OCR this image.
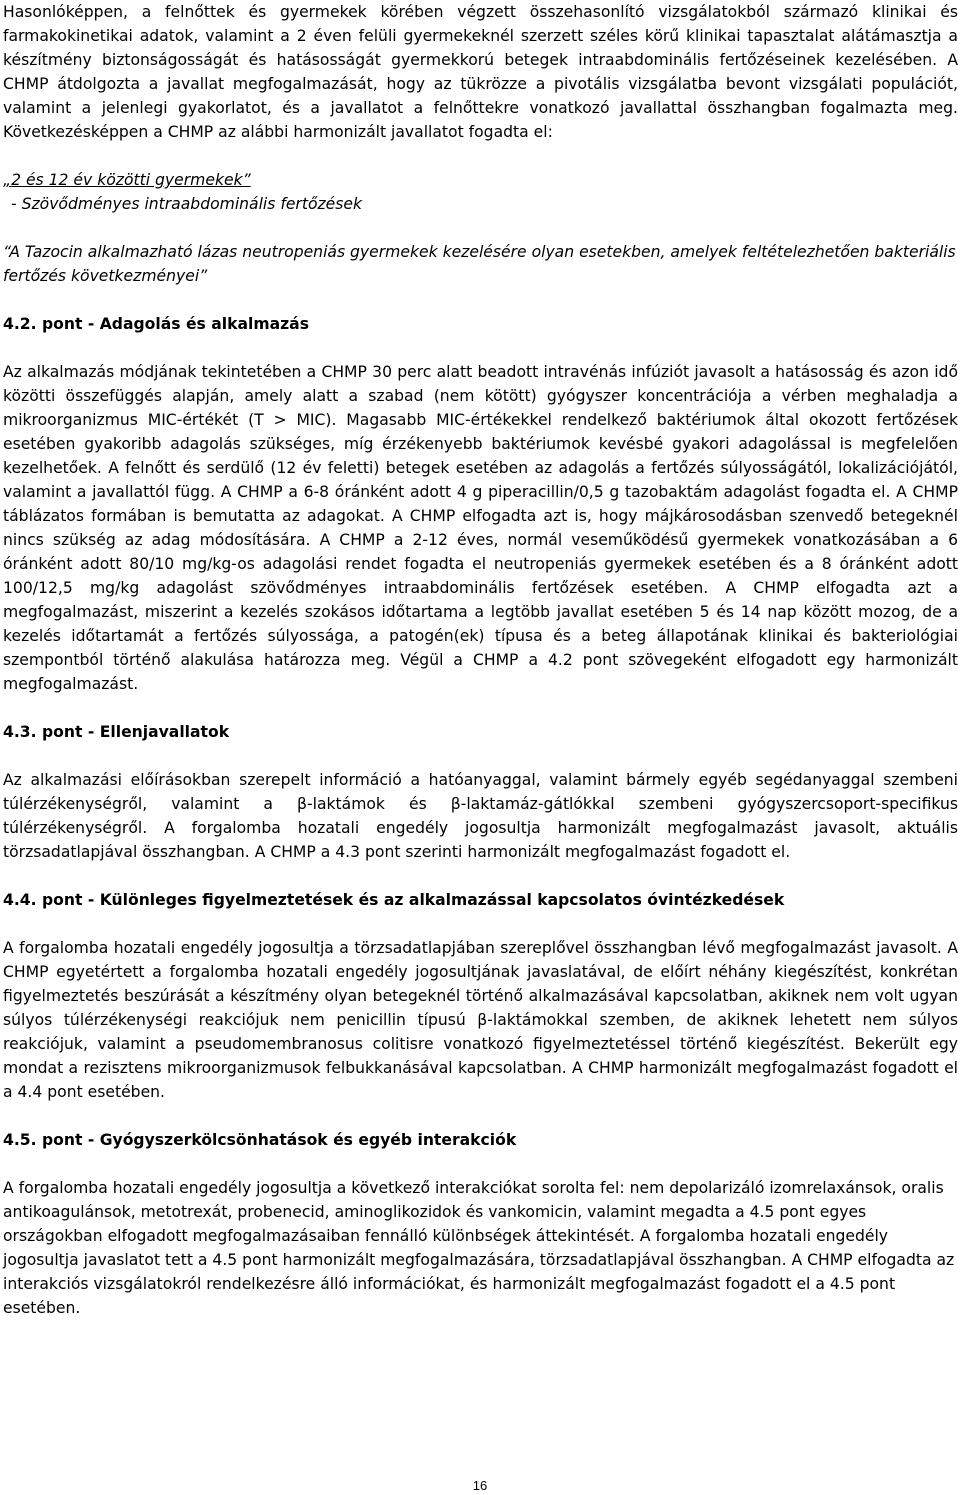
Hasonlóképpen, a felnőttek és gyermekek körében végzett összehasonlító vizsgálatokból származó klinikai és farmakokinetikai adatok, valamint a 2 éven felüli gyermekeknél szerzett széles körű klinikai tapasztalat alátámasztja a készítmény biztonságosságát és hatásosságát gyermekkorú betegek intraabdominális fertőzéseinek kezelésében. A CHMP átdolgozta a javallat megfogalmazását, hogy az tükrözze a pivotális vizsgálatba bevont vizsgálati populációt, valamint a jelenlegi gyakorlatot, és a javallatot a felnőttekre vonatkozó javallattal összhangban fogalmazta meg. Következésképpen a CHMP az alábbi harmonizált javallatot fogadta el:

„2 és 12 év közötti gyermekek”

- Szövődményes intraabdominális fertőzések

“A Tazocin alkalmazható lázas neutropeniás gyermekek kezelésére olyan esetekben, amelyek feltételezhetően bakteriális fertőzés következményei”

4.2. pont - Adagolás és alkalmazás

Az alkalmazás módjának tekintetében a CHMP 30 perc alatt beadott intravénás infúziót javasolt a hatásosság és azon idő közötti összefüggés alapján, amely alatt a szabad (nem kötött) gyógyszer koncentrációja a vérben meghaladja a mikroorganizmus MIC-értékét (T > MIC). Magasabb MIC-értékekkel rendelkező baktériumok által okozott fertőzések esetében gyakoribb adagolás szükséges, míg érzékenyebb baktériumok kevésbé gyakori adagolással is megfelelően kezelhetőek. A felnőtt és serdülő (12 év feletti) betegek esetében az adagolás a fertőzés súlyosságától, lokalizációjától, valamint a javallattól függ. A CHMP a 6-8 óránként adott 4 g piperacillin/0,5 g tazobaktám adagolást fogadta el. A CHMP táblázatos formában is bemutatta az adagokat. A CHMP elfogadta azt is, hogy májkárosodásban szenvedő betegeknél nincs szükség az adag módosítására. A CHMP a 2-12 éves, normál veseműködésű gyermekek vonatkozásában a 6 óránként adott 80/10 mg/kg-os adagolási rendet fogadta el neutropeniás gyermekek esetében és a 8 óránként adott 100/12,5 mg/kg adagolást szövődményes intraabdominális fertőzések esetében. A CHMP elfogadta azt a megfogalmazást, miszerint a kezelés szokásos időtartama a legtöbb javallat esetében 5 és 14 nap között mozog, de a kezelés időtartamát a fertőzés súlyossága, a patogén(ek) típusa és a beteg állapotának klinikai és bakteriológiai szempontból történő alakulása határozza meg. Végül a CHMP a 4.2 pont szövegeként elfogadott egy harmonizált megfogalmazást.

4.3. pont - Ellenjavallatok

Az alkalmazási előírásokban szerepelt információ a hatóanyaggal, valamint bármely egyéb segédanyaggal szembeni túlérzékenységről, valamint a β-laktámok és β-laktamáz-gátlókkal szembeni gyógyszercsoport-specifikus túlérzékenységről. A forgalomba hozatali engedély jogosultja harmonizált megfogalmazást javasolt, aktuális törzsadatlapjával összhangban. A CHMP a 4.3 pont szerinti harmonizált megfogalmazást fogadott el.

4.4. pont - Különleges figyelmeztetések és az alkalmazással kapcsolatos óvintézkedések

A forgalomba hozatali engedély jogosultja a törzsadatlapjában szereplővel összhangban lévő megfogalmazást javasolt. A CHMP egyetértett a forgalomba hozatali engedély jogosultjának javaslatával, de előírt néhány kiegészítést, konkrétan figyelmeztetés beszúrását a készítmény olyan betegeknél történő alkalmazásával kapcsolatban, akiknek nem volt ugyan súlyos túlérzékenységi reakciójuk nem penicillin típusú β-laktámokkal szemben, de akiknek lehetett nem súlyos reakciójuk, valamint a pseudomembranosus colitisre vonatkozó figyelmeztetéssel történő kiegészítést. Bekerült egy mondat a rezisztens mikroorganizmusok felbukkanásával kapcsolatban. A CHMP harmonizált megfogalmazást fogadott el a 4.4 pont esetében.

4.5. pont - Gyógyszerkölcsönhatások és egyéb interakciók

A forgalomba hozatali engedély jogosultja a következő interakciókat sorolta fel: nem depolarizáló izomrelaxánsok, oralis antikoagulánsok, metotrexát, probenecid, aminoglikozidok és vankomicin, valamint megadta a 4.5 pont egyes országokban elfogadott megfogalmazásaiban fennálló különbségek áttekintését. A forgalomba hozatali engedély jogosultja javaslatot tett a 4.5 pont harmonizált megfogalmazására, törzsadatlapjával összhangban. A CHMP elfogadta az interakciós vizsgálatokról rendelkezésre álló információkat, és harmonizált megfogalmazást fogadott el a 4.5 pont esetében.

16
